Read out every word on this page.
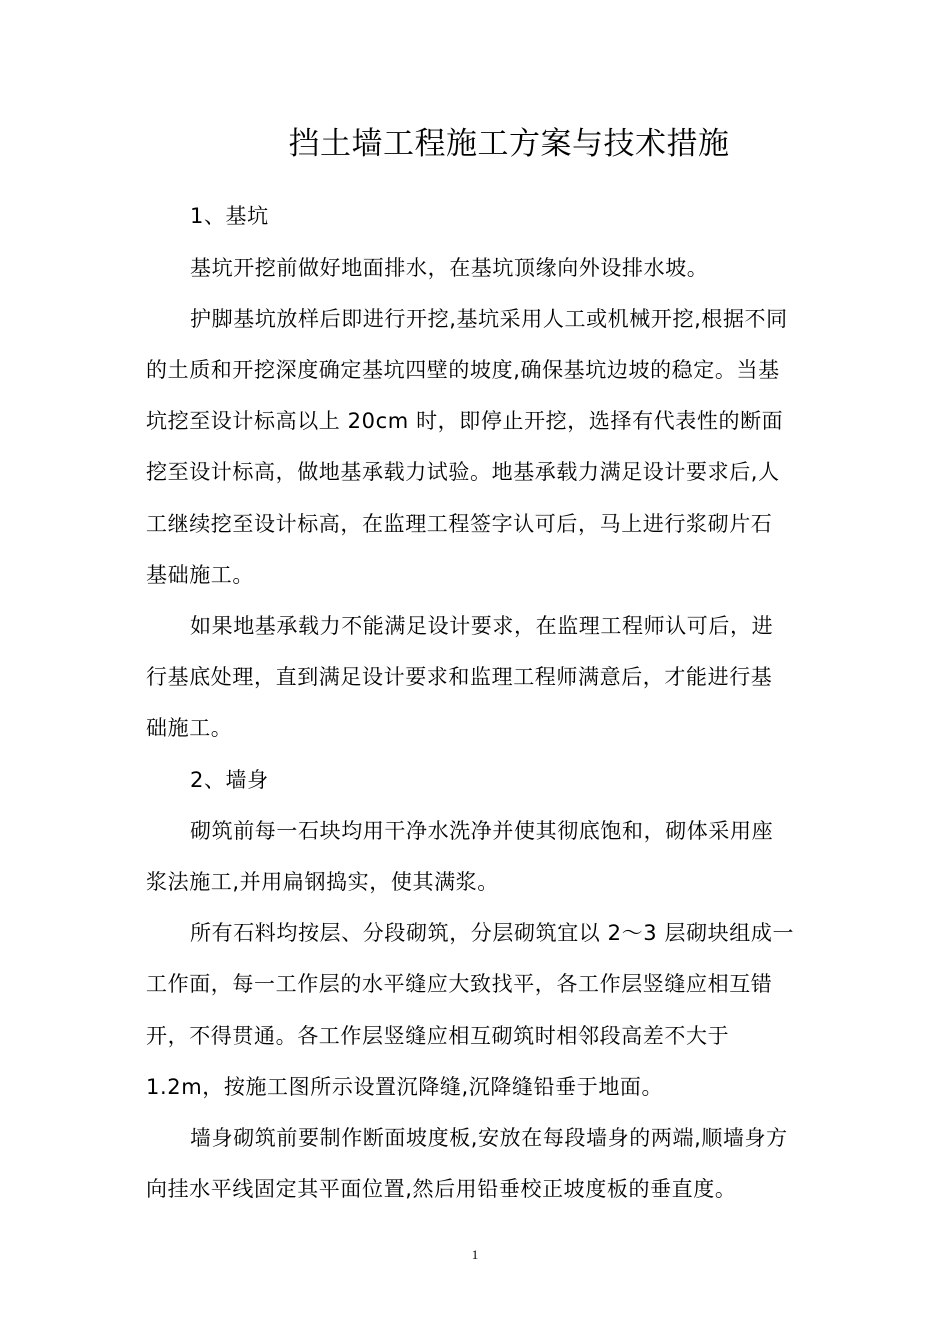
挡土墙工程施工方案与技术措施
1、基坑
基坑开挖前做好地面排水，在基坑顶缘向外设排水坡。
护脚基坑放样后即进行开挖,基坑采用人工或机械开挖,根据不同
的土质和开挖深度确定基坑四壁的坡度,确保基坑边坡的稳定。当基
坑挖至设计标高以上 20cm 时，即停止开挖，选择有代表性的断面
挖至设计标高，做地基承载力试验。地基承载力满足设计要求后,人
工继续挖至设计标高，在监理工程签字认可后，马上进行浆砌片石
基础施工。
如果地基承载力不能满足设计要求，在监理工程师认可后，进
行基底处理，直到满足设计要求和监理工程师满意后，才能进行基
础施工。
2、墙身
砌筑前每一石块均用干净水洗净并使其彻底饱和，砌体采用座
浆法施工,并用扁钢捣实，使其满浆。
所有石料均按层、分段砌筑，分层砌筑宜以 2～3 层砌块组成一
工作面，每一工作层的水平缝应大致找平，各工作层竖缝应相互错
开，不得贯通。各工作层竖缝应相互砌筑时相邻段高差不大于
1.2m，按施工图所示设置沉降缝,沉降缝铅垂于地面。
墙身砌筑前要制作断面坡度板,安放在每段墙身的两端,顺墙身方
向挂水平线固定其平面位置,然后用铅垂校正坡度板的垂直度。
1
